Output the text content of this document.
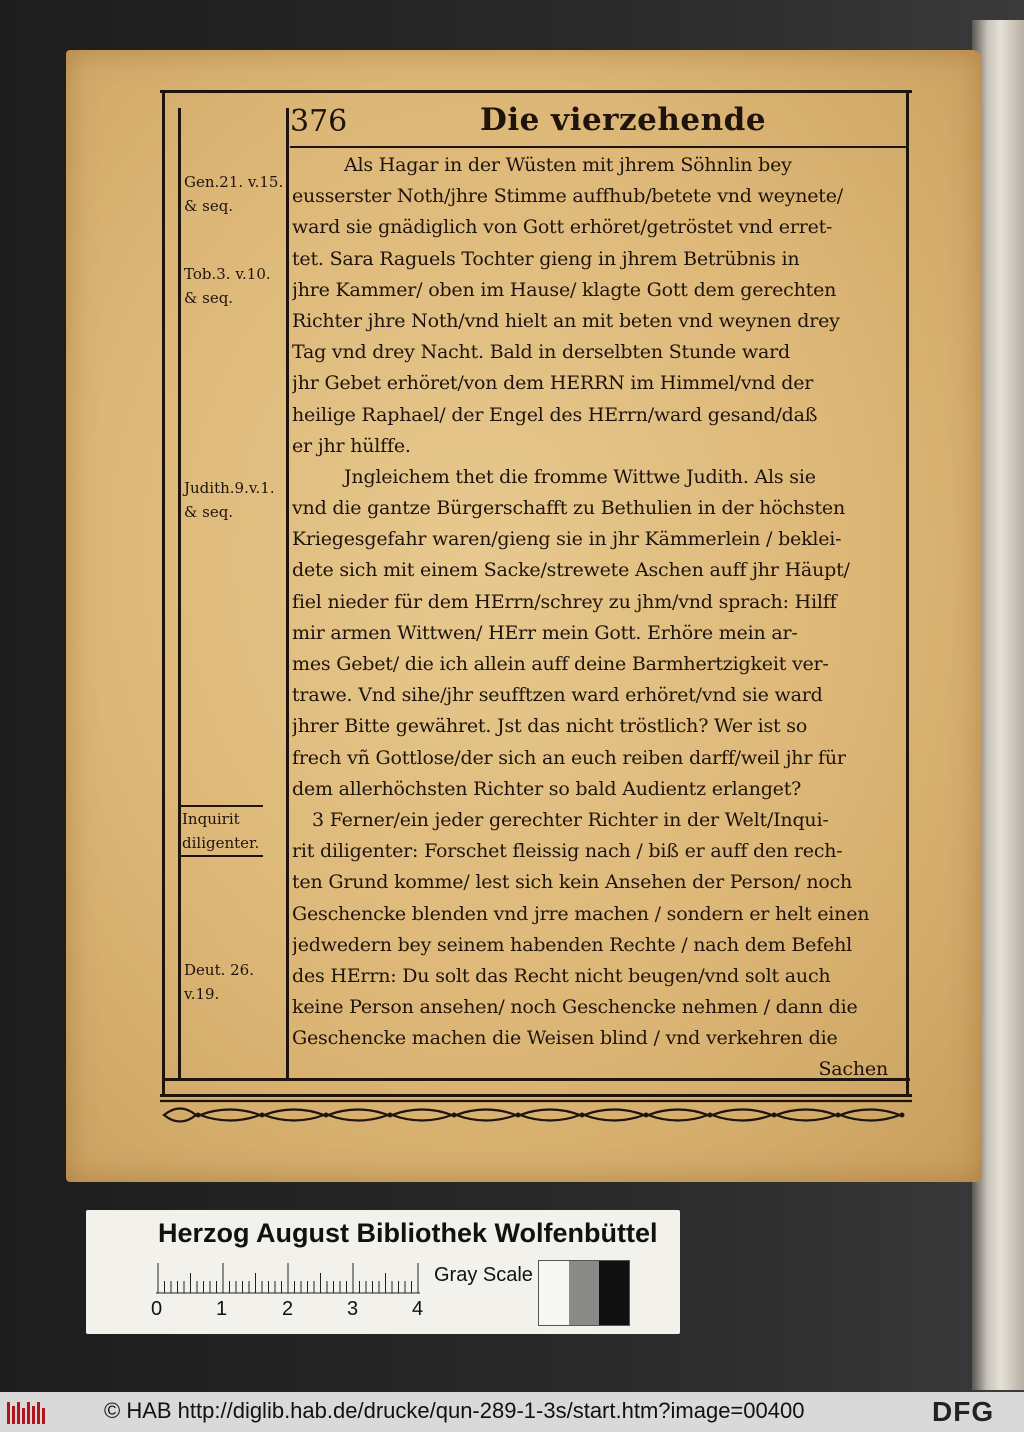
376	Die vierzehende
Gen.21. v.15.
& seq.
Tob.3. v.10.
& seq.
Judith.9.v.1.
& seq.
Inquirit
diligenter.
Deut. 26.
v.19.
Als Hagar in der Wüsten mit jhrem Söhnlin bey
eusserster Noth/jhre Stimme auffhub/betete vnd weynete/
ward sie gnädiglich von Gott erhöret/getröstet vnd erret-
tet. Sara Raguels Tochter gieng in jhrem Betrübnis in
jhre Kammer/ oben im Hause/ klagte Gott dem gerechten
Richter jhre Noth/vnd hielt an mit beten vnd weynen drey
Tag vnd drey Nacht. Bald in derselbten Stunde ward
jhr Gebet erhöret/von dem HERRN im Himmel/vnd der
heilige Raphael/ der Engel des HErrn/ward gesand/daß
er jhr hülffe.
Jngleichem thet die fromme Wittwe Judith. Als sie
vnd die gantze Bürgerschafft zu Bethulien in der höchsten
Kriegesgefahr waren/gieng sie in jhr Kämmerlein / beklei-
dete sich mit einem Sacke/strewete Aschen auff jhr Häupt/
fiel nieder für dem HErrn/schrey zu jhm/vnd sprach: Hilff
mir armen Wittwen/ HErr mein Gott. Erhöre mein ar-
mes Gebet/ die ich allein auff deine Barmhertzigkeit ver-
trawe. Vnd sihe/jhr seufftzen ward erhöret/vnd sie ward
jhrer Bitte gewähret. Jst das nicht tröstlich? Wer ist so
frech vñ Gottlose/der sich an euch reiben darff/weil jhr für
dem allerhöchsten Richter so bald Audientz erlanget?
3 Ferner/ein jeder gerechter Richter in der Welt/Inqui-
rit diligenter: Forschet fleissig nach / biß er auff den rech-
ten Grund komme/ lest sich kein Ansehen der Person/ noch
Geschencke blenden vnd jrre machen / sondern er helt einen
jedwedern bey seinem habenden Rechte / nach dem Befehl
des HErrn: Du solt das Recht nicht beugen/vnd solt auch
keine Person ansehen/ noch Geschencke nehmen / dann die
Geschencke machen die Weisen blind / vnd verkehren die
Sachen
Herzog August Bibliothek Wolfenbüttel
0	1	2	3	4
Gray Scale
© HAB http://diglib.hab.de/drucke/qun-289-1-3s/start.htm?image=00400	DFG
